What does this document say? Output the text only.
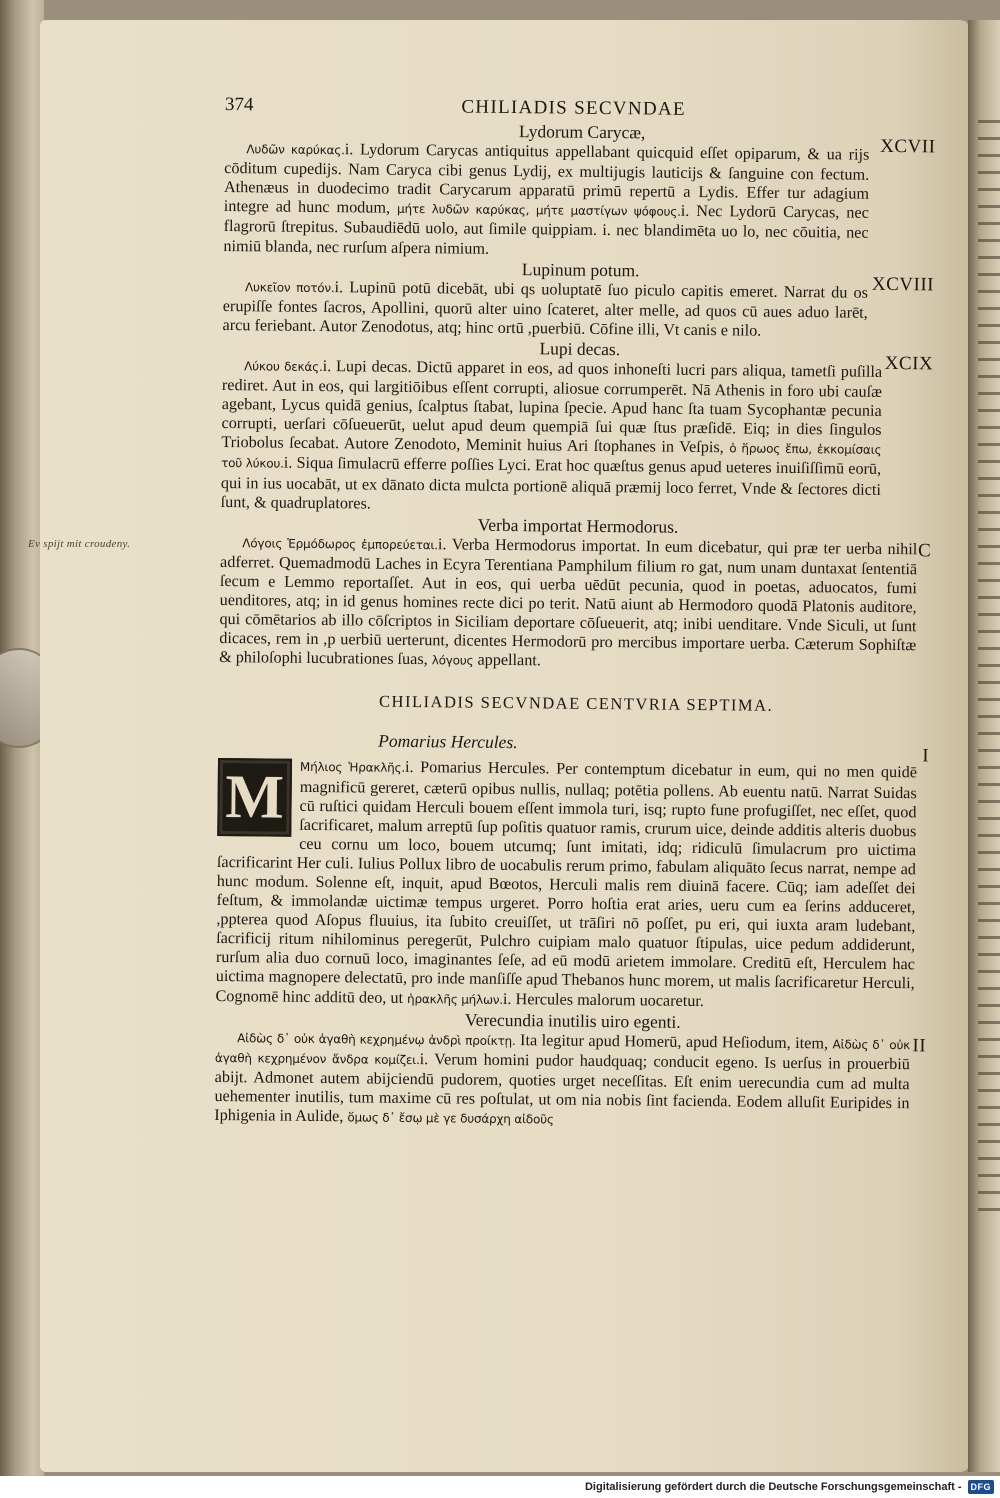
Ev spijt mit croudeny.
374	CHILIADIS SECVNDAE

Lydorum Carycæ,

XCVII

Λυδῶν καρύκας.i. Lydorum Carycas antiquitus appellabant quicquid eſſet opiparum, & ua rijs cōditum cupedijs. Nam Caryca cibi genus Lydij, ex multijugis lauticijs & ſanguine con fectum. Athenæus in duodecimo tradit Carycarum apparatū primū repertū a Lydis. Effer tur adagium integre ad hunc modum, μήτε λυδῶν καρύκας, μήτε μαστίγων ψόφους.i. Nec Lydorū Carycas, nec flagrorū ſtrepitus. Subaudiēdū uolo, aut ſimile quippiam. i. nec blandimēta uo lo, nec cōuitia, nec nimiū blanda, nec rurſum aſpera nimium.

Lupinum potum.

XCVIII

Λυκεῖον ποτόν.i. Lupinū potū dicebāt, ubi qs uoluptatē ſuo piculo capitis emeret. Narrat du os erupiſſe fontes ſacros, Apollini, quorū alter uino ſcateret, alter melle, ad quos cū aues aduo larēt, arcu feriebant. Autor Zenodotus, atq; hinc ortū ,puerbiū. Cōfine illi, Vt canis e nilo.

Lupi decas.

XCIX

Λύκου δεκάς.i. Lupi decas. Dictū apparet in eos, ad quos inhoneſti lucri pars aliqua, tametſi puſilla rediret. Aut in eos, qui largitiōibus eſſent corrupti, aliosue corrumperēt. Nā Athenis in foro ubi cauſæ agebant, Lycus quidā genius, ſcalptus ſtabat, lupina ſpecie. Apud hanc ſta tuam Sycophantæ pecunia corrupti, uerſari cōſueuerūt, uelut apud deum quempiā ſui quæ ſtus præſidē. Eiq; in dies ſingulos Triobolus ſecabat. Autore Zenodoto, Meminit huius Ari ſtophanes in Veſpis, ὁ ἥρωος ἔπω, ἐκκομίσαις τοῦ λύκου.i. Siqua ſimulacrū efferre poſſies Lyci. Erat hoc quæſtus genus apud ueteres inuiſiſſimū eorū, qui in ius uocabāt, ut ex dānato dicta mulcta portionē aliquā præmij loco ferret, Vnde & ſectores dicti ſunt, & quadruplatores.

Verba importat Hermodorus.

C

Λόγοις Ἑρμόδωρος ἐμπορεύεται.i. Verba Hermodorus importat. In eum dicebatur, qui præ ter uerba nihil adferret. Quemadmodū Laches in Ecyra Terentiana Pamphilum filium ro gat, num unam duntaxat ſententiā ſecum e Lemmo reportaſſet. Aut in eos, qui uerba uēdūt pecunia, quod in poetas, aduocatos, fumi uenditores, atq; in id genus homines recte dici po terit. Natū aiunt ab Hermodoro quodā Platonis auditore, qui cōmētarios ab illo cōſcriptos in Siciliam deportare cōſueuerit, atq; inibi uenditare. Vnde Siculi, ut ſunt dicaces, rem in ,p uerbiū uerterunt, dicentes Hermodorū pro mercibus importare uerba. Cæterum Sophiſtæ & philoſophi lucubrationes ſuas, λόγους appellant.

CHILIADIS SECVNDAE CENTVRIA SEPTIMA.

Pomarius Hercules.

I
M	Μήλιος Ἡρακλῆς.i. Pomarius Hercules. Per contemptum dicebatur in eum, qui no men quidē magnificū gereret, cæterū opibus nullis, nullaq; potētia pollens. Ab euentu natū. Narrat Suidas cū ruſtici quidam Herculi bouem eſſent immola turi, isq; rupto fune profugiſſet, nec eſſet, quod ſacrificaret, malum arreptū ſup poſitis quatuor ramis, crurum uice, deinde additis alteris duobus ceu cornu um loco, bouem utcumq; ſunt imitati, idq; ridiculū ſimulacrum pro uictima ſacrificarint Her culi. Iulius Pollux libro de uocabulis rerum primo, fabulam aliquāto ſecus narrat, nempe ad hunc modum. Solenne eſt, inquit, apud Bœotos, Herculi malis rem diuinā facere. Cūq; iam adeſſet dei feſtum, & immolandæ uictimæ tempus urgeret. Porro hoſtia erat aries, ueru cum ea ſerins adduceret, ,ppterea quod Aſopus fluuius, ita ſubito creuiſſet, ut trāſiri nō poſſet, pu eri, qui iuxta aram ludebant, ſacrificij ritum nihilominus peregerūt, Pulchro cuipiam malo quatuor ſtipulas, uice pedum addiderunt, rurſum alia duo cornuū loco, imaginantes ſeſe, ad eū modū arietem immolare. Creditū eſt, Herculem hac uictima magnopere delectatū, pro inde manſiſſe apud Thebanos hunc morem, ut malis ſacrificaretur Herculi, Cognomē hinc additū deo, ut ἡρακλῆς μήλων.i. Hercules malorum uocaretur.

Verecundia inutilis uiro egenti.

II

Αἰδὼς δ᾽ οὐκ ἀγαθὴ κεχρημένῳ ἀνδρὶ προίκτῃ. Ita legitur apud Homerū, apud Heſiodum, item, Αἰδὼς δ᾽ οὐκ ἀγαθὴ κεχρημένον ἄνδρα κομίζει.i. Verum homini pudor haudquaq; conducit egeno. Is uerſus in prouerbiū abijt. Admonet autem abijciendū pudorem, quoties urget neceſſitas. Eſt enim uerecundia cum ad multa uehementer inutilis, tum maxime cū res poſtulat, ut om nia nobis ſint facienda. Eodem alluſit Euripides in Iphigenia in Aulide, ὅμως δ᾽ ἔσῳ μὲ γε δυσάρχη αἰδοῦς

Digitalisierung gefördert durch die Deutsche Forschungsgemeinschaft -	DFG
